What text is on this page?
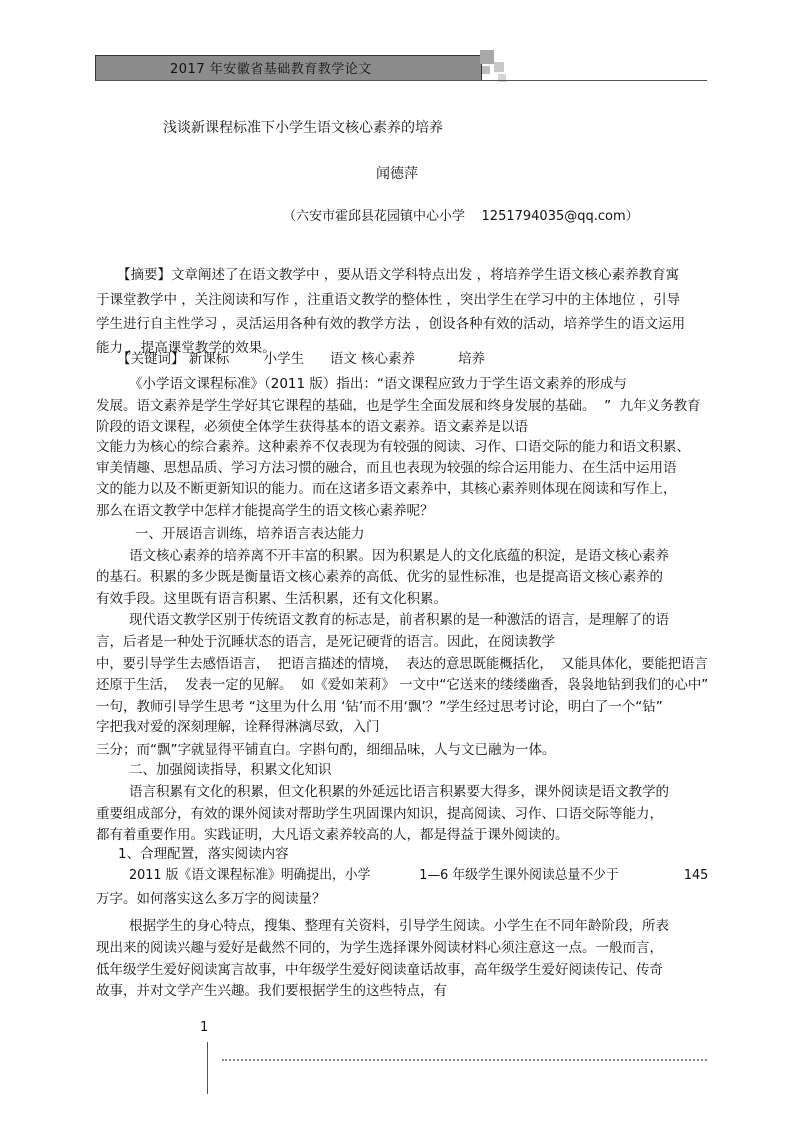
2017 年安徽省基础教育教学论文
浅谈新课程标准下小学生语文核心素养的培养
闻德萍
（六安市霍邱县花园镇中心小学    1251794035@qq.com）
【摘要】文章阐述了在语文教学中 ，要从语文学科特点出发 ，将培养学生语文核心素养教育寓
于课堂教学中 ，关注阅读和写作 ，注重语文教学的整体性 ，突出学生在学习中的主体地位 ，引导
学生进行自主性学习 ，灵活运用各种有效的教学方法 ，创设各种有效的活动，培养学生的语文运用
能力 ，提高课堂教学的效果。
【关键词】 新课标        小学生      语文 核心素养          培养
《小学语文课程标准》（2011 版）指出：“语文课程应致力于学生语文素养的形成与
发展。语文素养是学生学好其它课程的基础，也是学生全面发展和终身发展的基础。  ”  九年义务教育
阶段的语文课程，必须使全体学生获得基本的语文素养。语文素养是以语
文能力为核心的综合素养。这种素养不仅表现为有较强的阅读、习作、口语交际的能力和语文积累、
审美情趣、思想品质、学习方法习惯的融合，而且也表现为较强的综合运用能力、在生活中运用语
文的能力以及不断更新知识的能力。而在这诸多语文素养中，其核心素养则体现在阅读和写作上，
那么在语文教学中怎样才能提高学生的语文核心素养呢？
一、开展语言训练，培养语言表达能力
语文核心素养的培养离不开丰富的积累。因为积累是人的文化底蕴的积淀，是语文核心素养
的基石。积累的多少既是衡量语文核心素养的高低、优劣的显性标准，也是提高语文核心素养的
有效手段。这里既有语言积累、生活积累，还有文化积累。
现代语文教学区别于传统语文教育的标志是，前者积累的是一种激活的语言，是理解了的语
言，后者是一种处于沉睡状态的语言，是死记硬背的语言。因此，在阅读教学
中，要引导学生去感悟语言，  把语言描述的情境，  表达的意思既能概括化，  又能具体化，要能把语言
还原于生活，  发表一定的见解。  如《爱如茉莉》 一文中“它送来的缕缕幽香，袅袅地钻到我们的心中”
一句，教师引导学生思考 “这里为什么用 ‘钻’而不用‘飘’？”学生经过思考讨论，明白了一个“钻”
字把我对爱的深刻理解，诠释得淋漓尽致，入门
三分；而“飘”字就显得平铺直白。字斟句酌，细细品味，人与文已融为一体。
二、加强阅读指导，积累文化知识
语言积累有文化的积累，但文化积累的外延远比语言积累要大得多，课外阅读是语文教学的
重要组成部分，有效的课外阅读对帮助学生巩固课内知识，提高阅读、习作、口语交际等能力，
都有着重要作用。实践证明，大凡语文素养较高的人，都是得益于课外阅读的。
1、合理配置，落实阅读内容
2011 版《语文课程标准》明确提出，小学            1—6 年级学生课外阅读总量不少于                145
万字。如何落实这么多万字的阅读量？
根据学生的身心特点，搜集、整理有关资料，引导学生阅读。小学生在不同年龄阶段，所表
现出来的阅读兴趣与爱好是截然不同的，为学生选择课外阅读材料心须注意这一点。一般而言，
低年级学生爱好阅读寓言故事，中年级学生爱好阅读童话故事，高年级学生爱好阅读传记、传奇
故事，并对文学产生兴趣。我们要根据学生的这些特点，有
1
